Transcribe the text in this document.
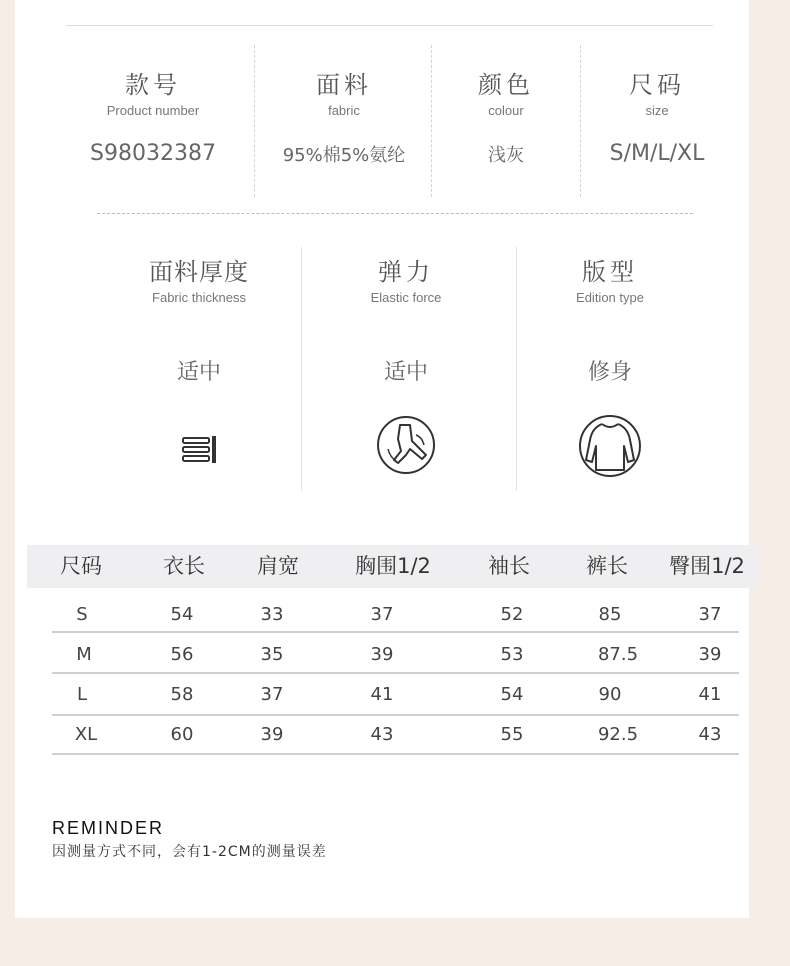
款号
Product number
S98032387
面料
fabric
95%棉5%氨纶
颜色
colour
浅灰
尺码
size
S/M/L/XL
面料厚度
Fabric thickness
适中
弹力
Elastic force
适中
版型
Edition type
修身
尺码	衣长	肩宽	胸围1/2	袖长	裤长	臀围1/2
S	54	33	37	52	85	37
M	56	35	39	53	87.5	39
L	58	37	41	54	90	41
XL	60	39	43	55	92.5	43
REMINDER
因测量方式不同，会有1-2CM的测量误差
